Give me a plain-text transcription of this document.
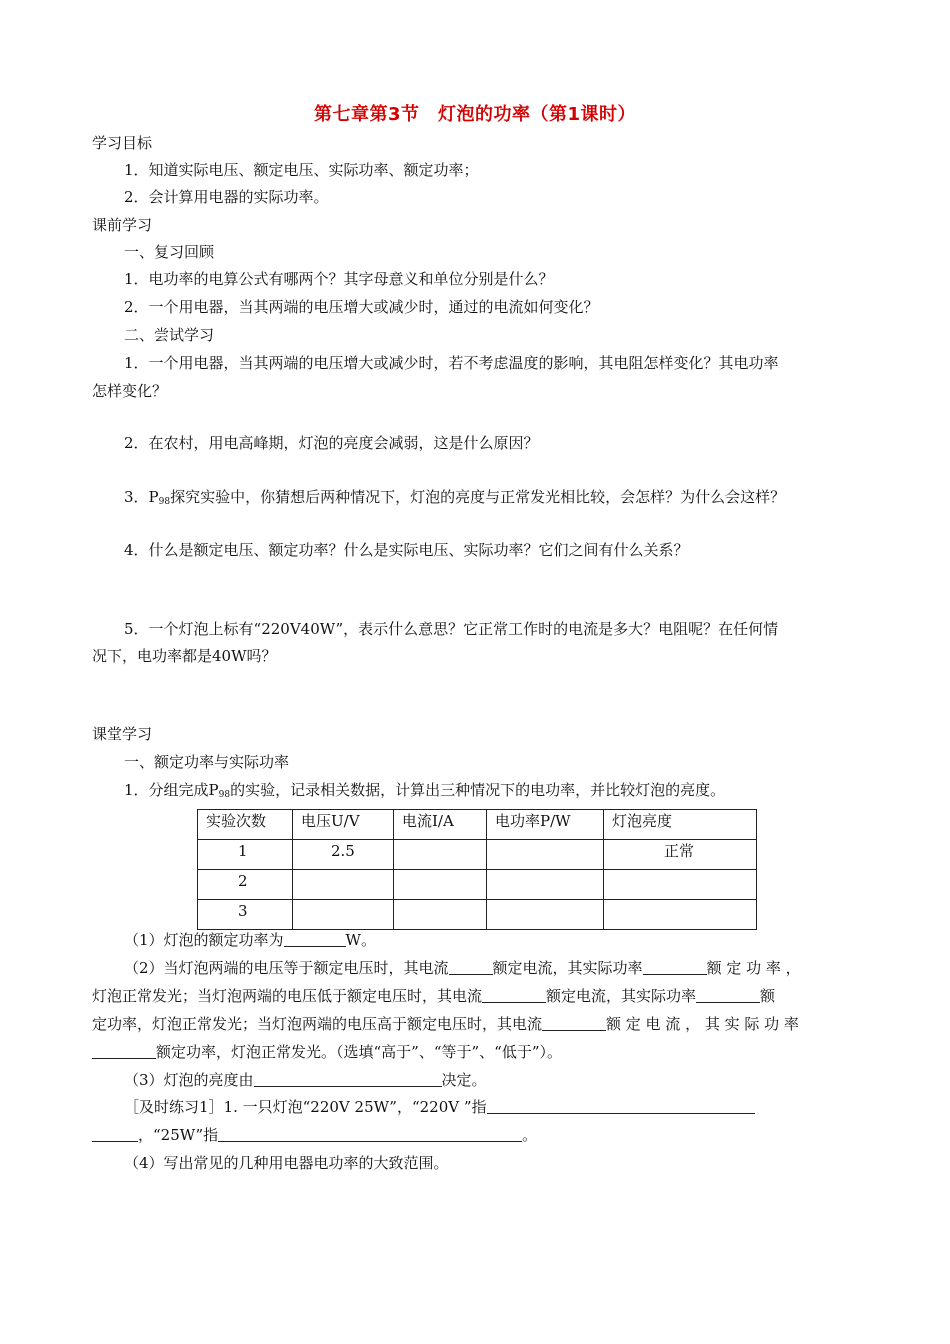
第七章第3节　灯泡的功率（第1课时）
学习目标
1．知道实际电压、额定电压、实际功率、额定功率；
2．会计算用电器的实际功率。
课前学习
一、复习回顾
1．电功率的电算公式有哪两个？其字母意义和单位分别是什么？
2．一个用电器，当其两端的电压增大或减少时，通过的电流如何变化？
二、尝试学习
1．一个用电器，当其两端的电压增大或减少时，若不考虑温度的影响，其电阻怎样变化？其电功率
怎样变化？
2．在农村，用电高峰期，灯泡的亮度会减弱，这是什么原因？
3．$P_{98}$探究实验中，你猜想后两种情况下，灯泡的亮度与正常发光相比较，会怎样？为什么会这样？
4．什么是额定电压、额定功率？什么是实际电压、实际功率？它们之间有什么关系？
5．一个灯泡上标有“220V40W”，表示什么意思？它正常工作时的电流是多大？电阻呢？在任何情
况下，电功率都是40W吗？
课堂学习
一、额定功率与实际功率
1．分组完成$P_{98}$的实验，记录相关数据，计算出三种情况下的电功率，并比较灯泡的亮度。
实验次数	电压U/V	电流I/A	电功率P/W	灯泡亮度
1	2.5			正常
2				
3				
（1）灯泡的额定功率为	W。
（2）当灯泡两端的电压等于额定电压时，其电流	额定电流，其实际功率	额 定 功 率 ，
灯泡正常发光；当灯泡两端的电压低于额定电压时，其电流	额定电流，其实际功率	额
定功率，灯泡正常发光；当灯泡两端的电压高于额定电压时，其电流	额 定 电 流 ， 其 实 际 功 率
额定功率，灯泡正常发光。（选填“高于”、“等于”、“低于”）。
（3）灯泡的亮度由	决定。
［及时练习1］1. 一只灯泡“220V 25W”，“220V ”指
，“25W”指	。
（4）写出常见的几种用电器电功率的大致范围。
